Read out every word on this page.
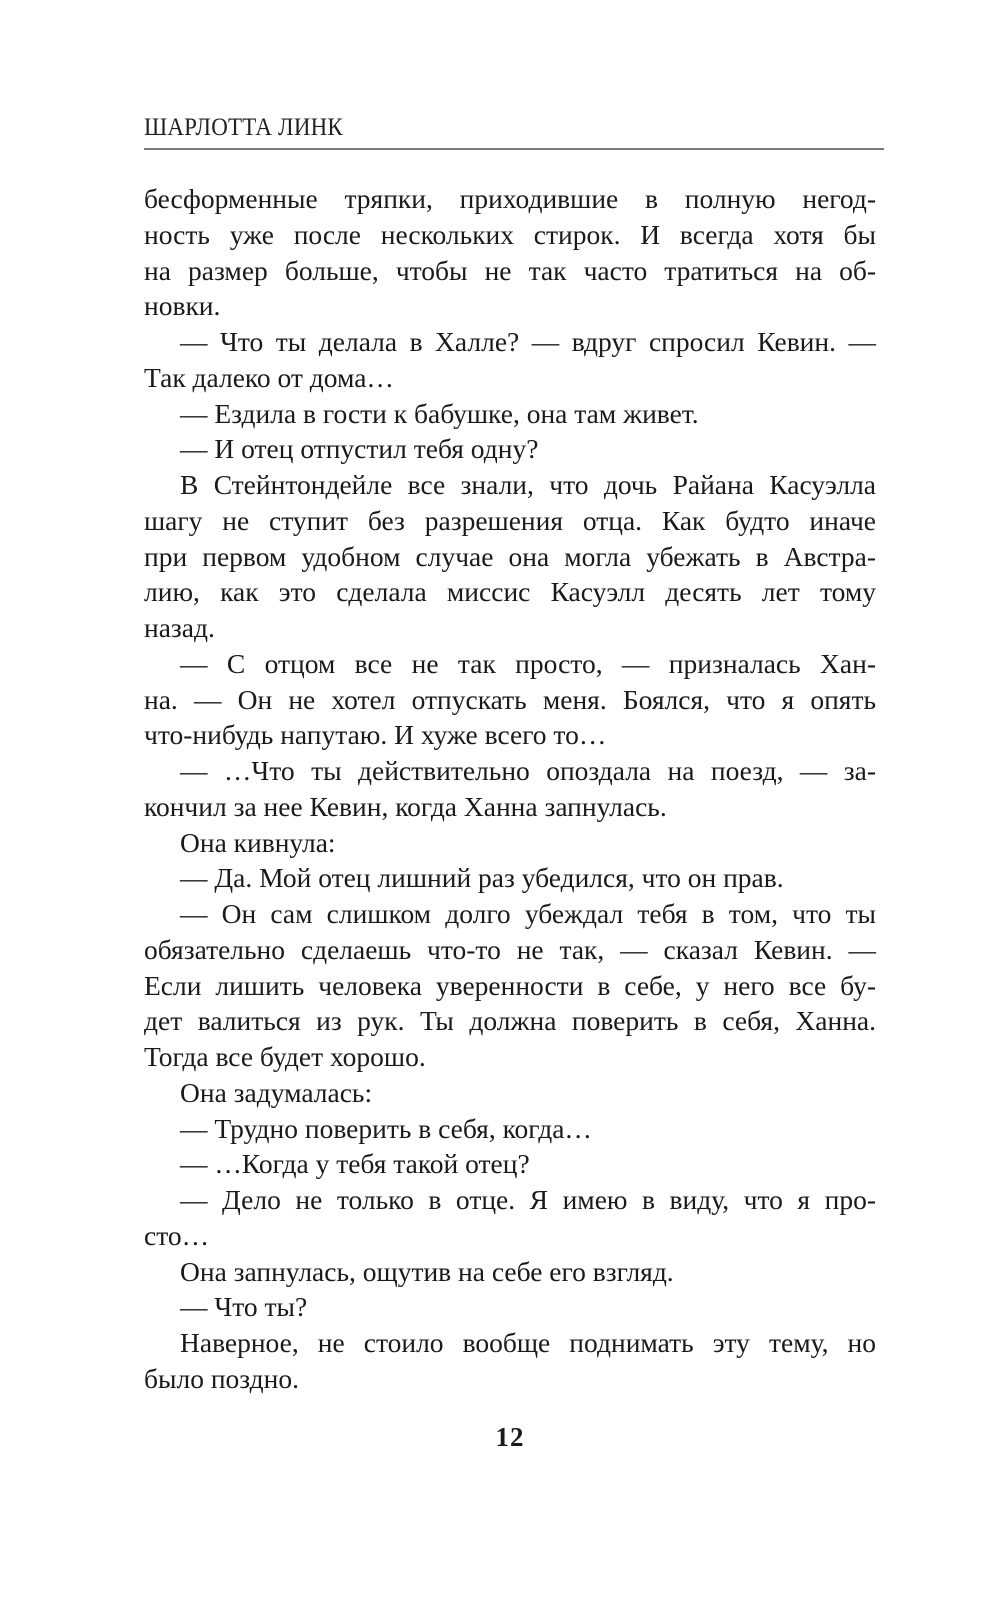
ШАРЛОТТА ЛИНК
бесформенные тряпки, приходившие в полную негод-
ность уже после нескольких стирок. И всегда хотя бы
на размер больше, чтобы не так часто тратиться на об-
новки.
— Что ты делала в Халле? — вдруг спросил Кевин. —
Так далеко от дома…
— Ездила в гости к бабушке, она там живет.
— И отец отпустил тебя одну?
В Стейнтондейле все знали, что дочь Райана Касуэлла
шагу не ступит без разрешения отца. Как будто иначе
при первом удобном случае она могла убежать в Австра-
лию, как это сделала миссис Касуэлл десять лет тому
назад.
— С отцом все не так просто, — призналась Хан-
на. — Он не хотел отпускать меня. Боялся, что я опять
что-нибудь напутаю. И хуже всего то…
— …Что ты действительно опоздала на поезд, — за-
кончил за нее Кевин, когда Ханна запнулась.
Она кивнула:
— Да. Мой отец лишний раз убедился, что он прав.
— Он сам слишком долго убеждал тебя в том, что ты
обязательно сделаешь что-то не так, — сказал Кевин. —
Если лишить человека уверенности в себе, у него все бу-
дет валиться из рук. Ты должна поверить в себя, Ханна.
Тогда все будет хорошо.
Она задумалась:
— Трудно поверить в себя, когда…
— …Когда у тебя такой отец?
— Дело не только в отце. Я имею в виду, что я про-
сто…
Она запнулась, ощутив на себе его взгляд.
— Что ты?
Наверное, не стоило вообще поднимать эту тему, но
было поздно.
12
